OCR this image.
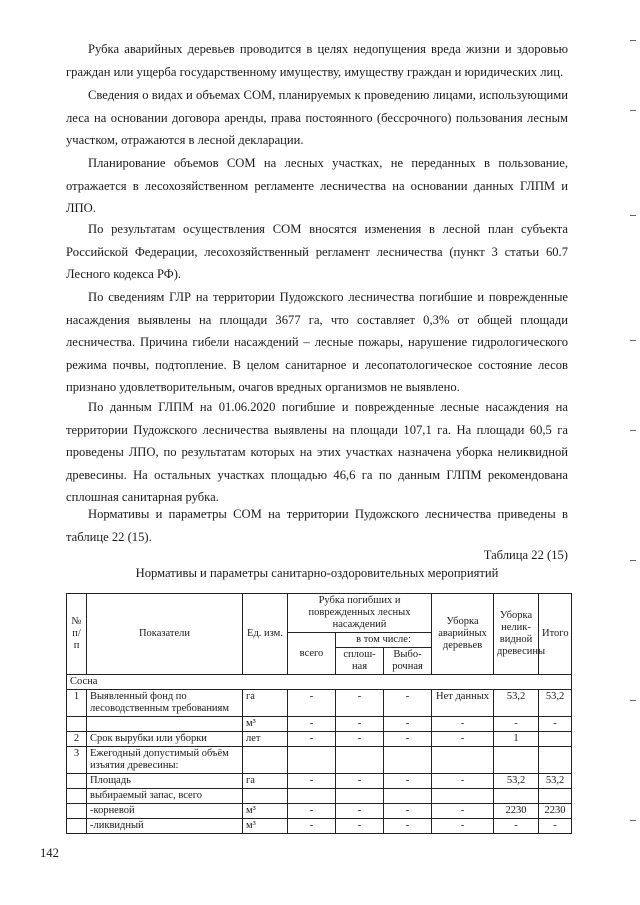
Рубка аварийных деревьев проводится в целях недопущения вреда жизни и здоровью граждан или ущерба государственному имуществу, имуществу граждан и юридических лиц.

Сведения о видах и объемах СОМ, планируемых к проведению лицами, использующими леса на основании договора аренды, права постоянного (бессрочного) пользования лесным участком, отражаются в лесной декларации.

Планирование объемов СОМ на лесных участках, не переданных в пользование, отражается в лесохозяйственном регламенте лесничества на основании данных ГЛПМ и ЛПО.

По результатам осуществления СОМ вносятся изменения в лесной план субъекта Российской Федерации, лесохозяйственный регламент лесничества (пункт 3 статьи 60.7 Лесного кодекса РФ).

По сведениям ГЛР на территории Пудожского лесничества погибшие и поврежденные насаждения выявлены на площади 3677 га, что составляет 0,3% от общей площади лесничества. Причина гибели насаждений – лесные пожары, нарушение гидрологического режима почвы, подтопление. В целом санитарное и лесопатологическое состояние лесов признано удовлетворительным, очагов вредных организмов не выявлено.

По данным ГЛПМ на 01.06.2020 погибшие и поврежденные лесные насаждения на территории Пудожского лесничества выявлены на площади 107,1 га. На площади 60,5 га проведены ЛПО, по результатам которых на этих участках назначена уборка неликвидной древесины. На остальных участках площадью 46,6 га по данным ГЛПМ рекомендована сплошная санитарная рубка.

Нормативы и параметры СОМ на территории Пудожского лесничества приведены в таблице 22 (15).

Таблица 22 (15)
Нормативы и параметры санитарно-оздоровительных мероприятий
№ п/п	Показатели	Ед. изм.	Рубка погибших и поврежденных лесных насаждений			Уборка аварийных деревьев	Уборка нелик-видной древесины	Итого
			всего	в том числе:				
				сплош-ная	Выбо-рочная			
Сосна								
1	Выявленный фонд по лесоводственным требованиям	га	-	-	-	Нет данных	53,2	53,2
		м³	-	-	-	-	-	-
2	Срок вырубки или уборки	лет	-	-	-	-	1	
3	Ежегодный допустимый объём изъятия древесины:							
	Площадь	га	-	-	-	-	53,2	53,2
	выбираемый запас, всего							
	-корневой	м³	-	-	-	-	2230	2230
	-ликвидный	м³	-	-	-	-	-	-
142
